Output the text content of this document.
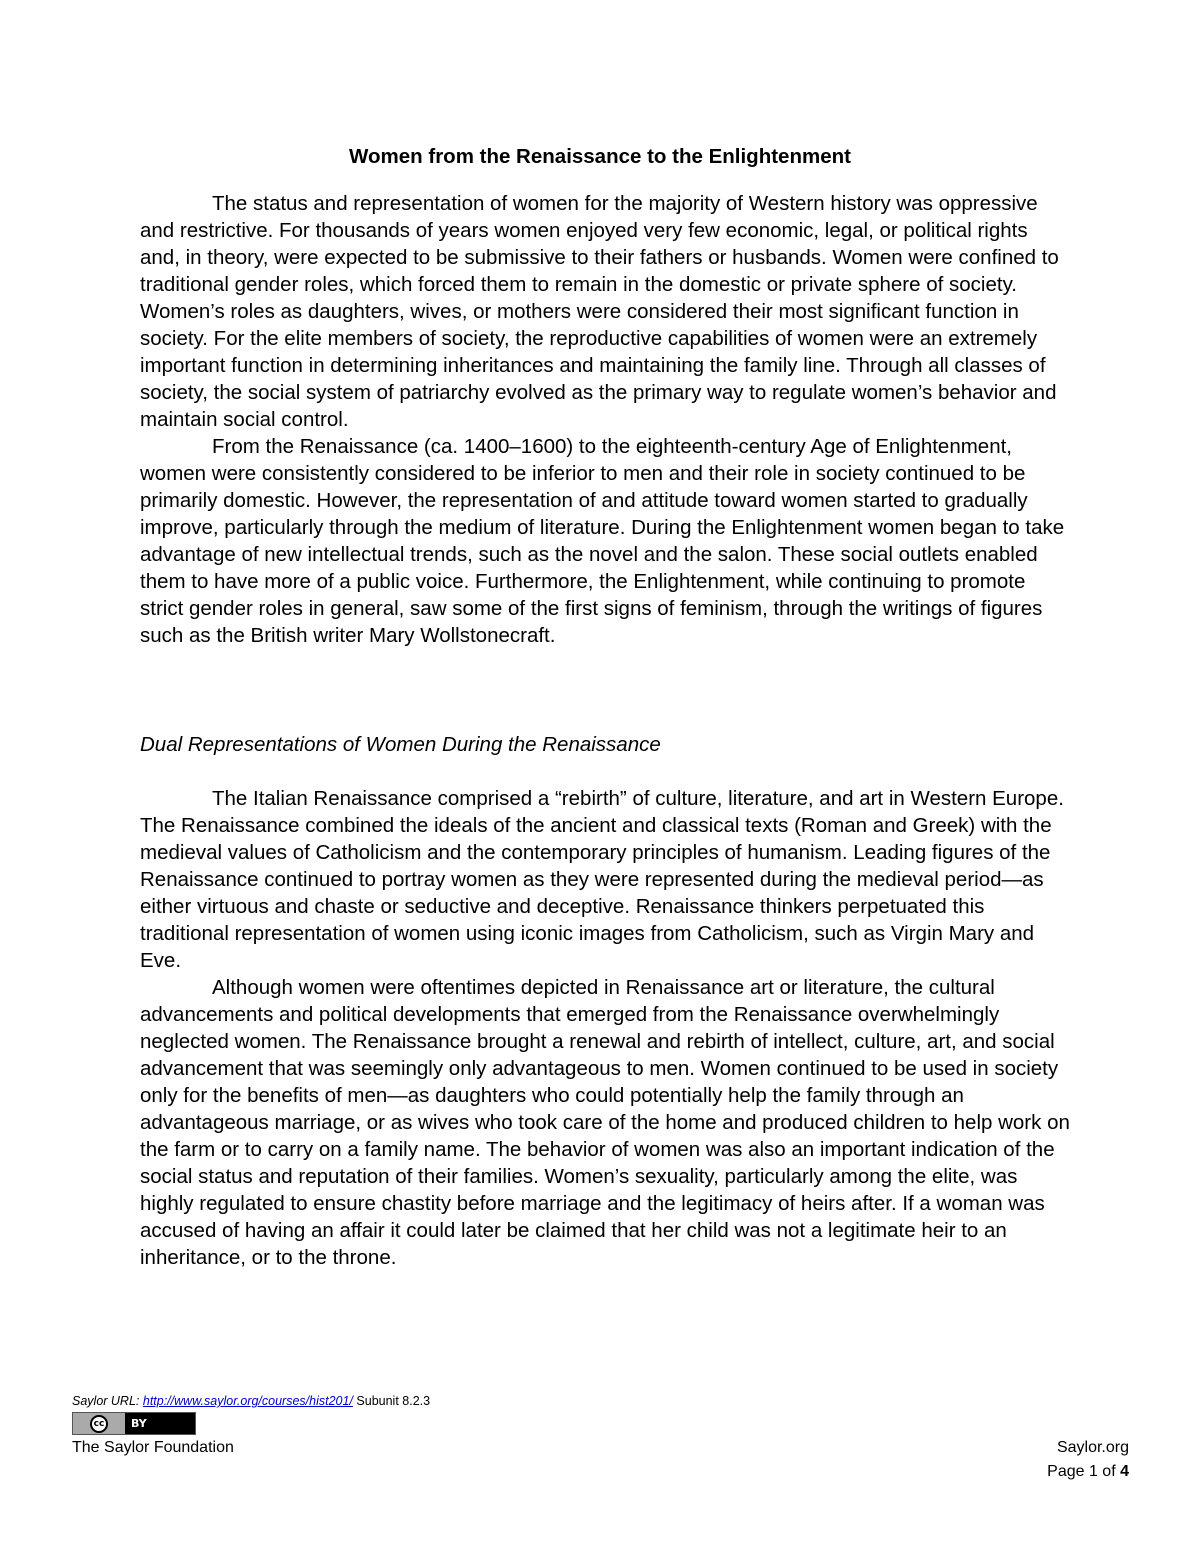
Women from the Renaissance to the Enlightenment

The status and representation of women for the majority of Western history was oppressive and restrictive. For thousands of years women enjoyed very few economic, legal, or political rights and, in theory, were expected to be submissive to their fathers or husbands. Women were confined to traditional gender roles, which forced them to remain in the domestic or private sphere of society. Women’s roles as daughters, wives, or mothers were considered their most significant function in society. For the elite members of society, the reproductive capabilities of women were an extremely important function in determining inheritances and maintaining the family line. Through all classes of society, the social system of patriarchy evolved as the primary way to regulate women’s behavior and maintain social control.

From the Renaissance (ca. 1400–1600) to the eighteenth-century Age of Enlightenment, women were consistently considered to be inferior to men and their role in society continued to be primarily domestic. However, the representation of and attitude toward women started to gradually improve, particularly through the medium of literature. During the Enlightenment women began to take advantage of new intellectual trends, such as the novel and the salon. These social outlets enabled them to have more of a public voice. Furthermore, the Enlightenment, while continuing to promote strict gender roles in general, saw some of the first signs of feminism, through the writings of figures such as the British writer Mary Wollstonecraft.

Dual Representations of Women During the Renaissance

The Italian Renaissance comprised a “rebirth” of culture, literature, and art in Western Europe. The Renaissance combined the ideals of the ancient and classical texts (Roman and Greek) with the medieval values of Catholicism and the contemporary principles of humanism. Leading figures of the Renaissance continued to portray women as they were represented during the medieval period—as either virtuous and chaste or seductive and deceptive. Renaissance thinkers perpetuated this traditional representation of women using iconic images from Catholicism, such as Virgin Mary and Eve.

Although women were oftentimes depicted in Renaissance art or literature, the cultural advancements and political developments that emerged from the Renaissance overwhelmingly neglected women. The Renaissance brought a renewal and rebirth of intellect, culture, art, and social advancement that was seemingly only advantageous to men. Women continued to be used in society only for the benefits of men—as daughters who could potentially help the family through an advantageous marriage, or as wives who took care of the home and produced children to help work on the farm or to carry on a family name. The behavior of women was also an important indication of the social status and reputation of their families. Women’s sexuality, particularly among the elite, was highly regulated to ensure chastity before marriage and the legitimacy of heirs after. If a woman was accused of having an affair it could later be claimed that her child was not a legitimate heir to an inheritance, or to the throne.

Saylor URL: http://www.saylor.org/courses/hist201/ Subunit 8.2.3
cc	BY
The Saylor Foundation	Saylor.org
Page 1 of 4
